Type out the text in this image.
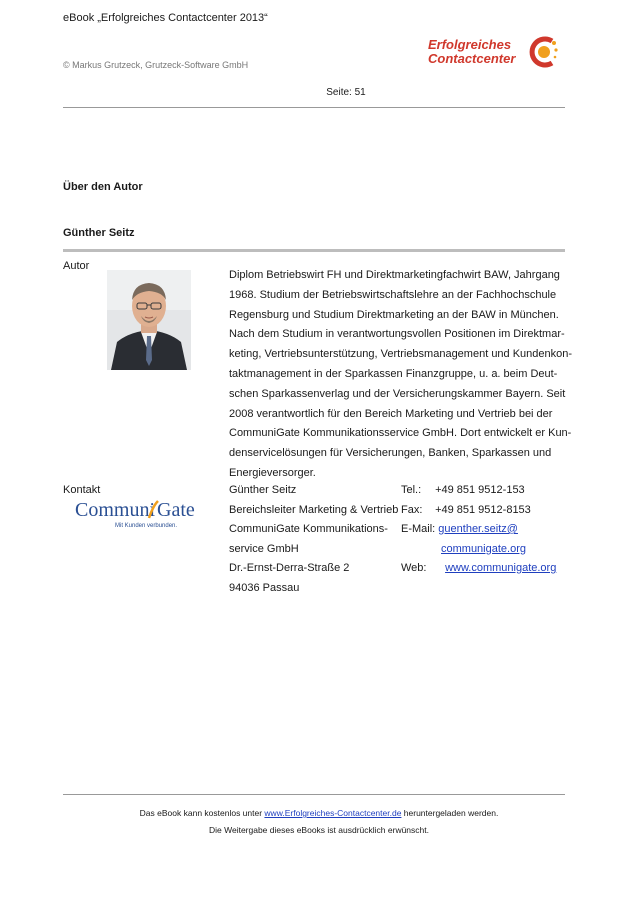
eBook „Erfolgreiches Contactcenter 2013“
© Markus Grutzeck, Grutzeck-Software GmbH
Seite: 51
Erfolgreiches
Contactcenter
Über den Autor
Günther Seitz
Autor
Diplom Betriebswirt FH und Direktmarketingfachwirt BAW, Jahrgang
1968. Studium der Betriebswirtschaftslehre an der Fachhochschule
Regensburg und Studium Direktmarketing an der BAW in München.
Nach dem Studium in verantwortungsvollen Positionen im Direktmar-
keting, Vertriebsunterstützung, Vertriebsmanagement und Kundenkon-
taktmanagement in der Sparkassen Finanzgruppe, u. a. beim Deut-
schen Sparkassenverlag und der Versicherungskammer Bayern. Seit
2008 verantwortlich für den Bereich Marketing und Vertrieb bei der
CommuniGate Kommunikationsservice GmbH. Dort entwickelt er Kun-
denservicelösungen für Versicherungen, Banken, Sparkassen und
Energieversorger.
Kontakt
Communi Gate
Mit Kunden verbunden.
Günther Seitz
Bereichsleiter Marketing & Vertrieb
CommuniGate Kommunikations-
service GmbH
Dr.-Ernst-Derra-Straße 2
94036 Passau
Tel.: +49 851 9512-153
Fax: +49 851 9512-8153
E-Mail: guenther.seitz@
communigate.org
Web: www.communigate.org
Das eBook kann kostenlos unter www.Erfolgreiches-Contactcenter.de heruntergeladen werden.
Die Weitergabe dieses eBooks ist ausdrücklich erwünscht.
